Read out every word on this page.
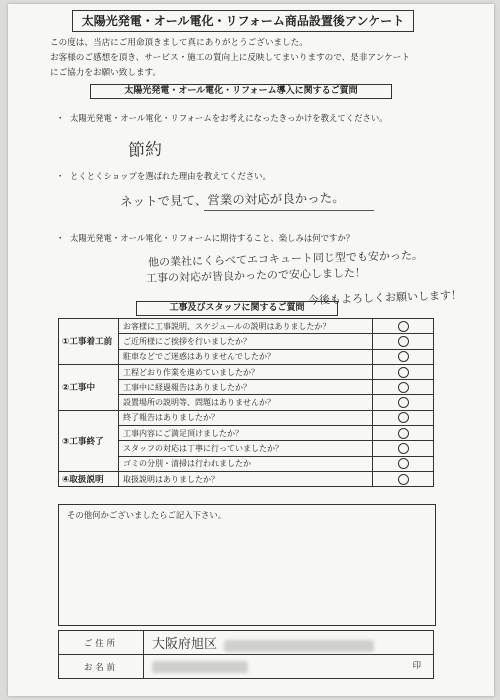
太陽光発電・オール電化・リフォーム商品設置後アンケート
この度は、当店にご用命頂きまして真にありがとうございました。
お客様のご感想を頂き、サービス・施工の質向上に反映してまいりますので、是非アンケート
にご協力をお願い致します。
太陽光発電・オール電化・リフォーム導入に関するご質問
・ 太陽光発電・オール電化・リフォームをお考えになったきっかけを教えてください。
節約
・ とくとくショップを選ばれた理由を教えてください。
ネットで見て、営業の対応が良かった。
・ 太陽光発電・オール電化・リフォームに期待すること、楽しみは何ですか？
他の業社にくらべてエコキュート同じ型でも安かった。
工事の対応が皆良かったので安心しました！
今後もよろしくお願いします！
工事及びスタッフに関するご質問
①工事着工前	お客様に工事説明、スケジュールの説明はありましたか？	
	ご近所様にご挨拶を行いましたか？	
	駐車などでご迷惑はありませんでしたか？	
②工事中	工程どおり作業を進めていましたか？	
	工事中に経過報告はありましたか？	
	設置場所の説明等、問題はありませんか？	
③工事終了	終了報告はありましたか？	
	工事内容にご満足頂けましたか？	
	スタッフの対応は丁寧に行っていましたか？	
	ゴミの分別・清掃は行われましたか	
④取扱説明	取扱説明はありましたか？	
その他何かございましたらご記入下さい。
ご住所	大阪府旭区
お名前	印
